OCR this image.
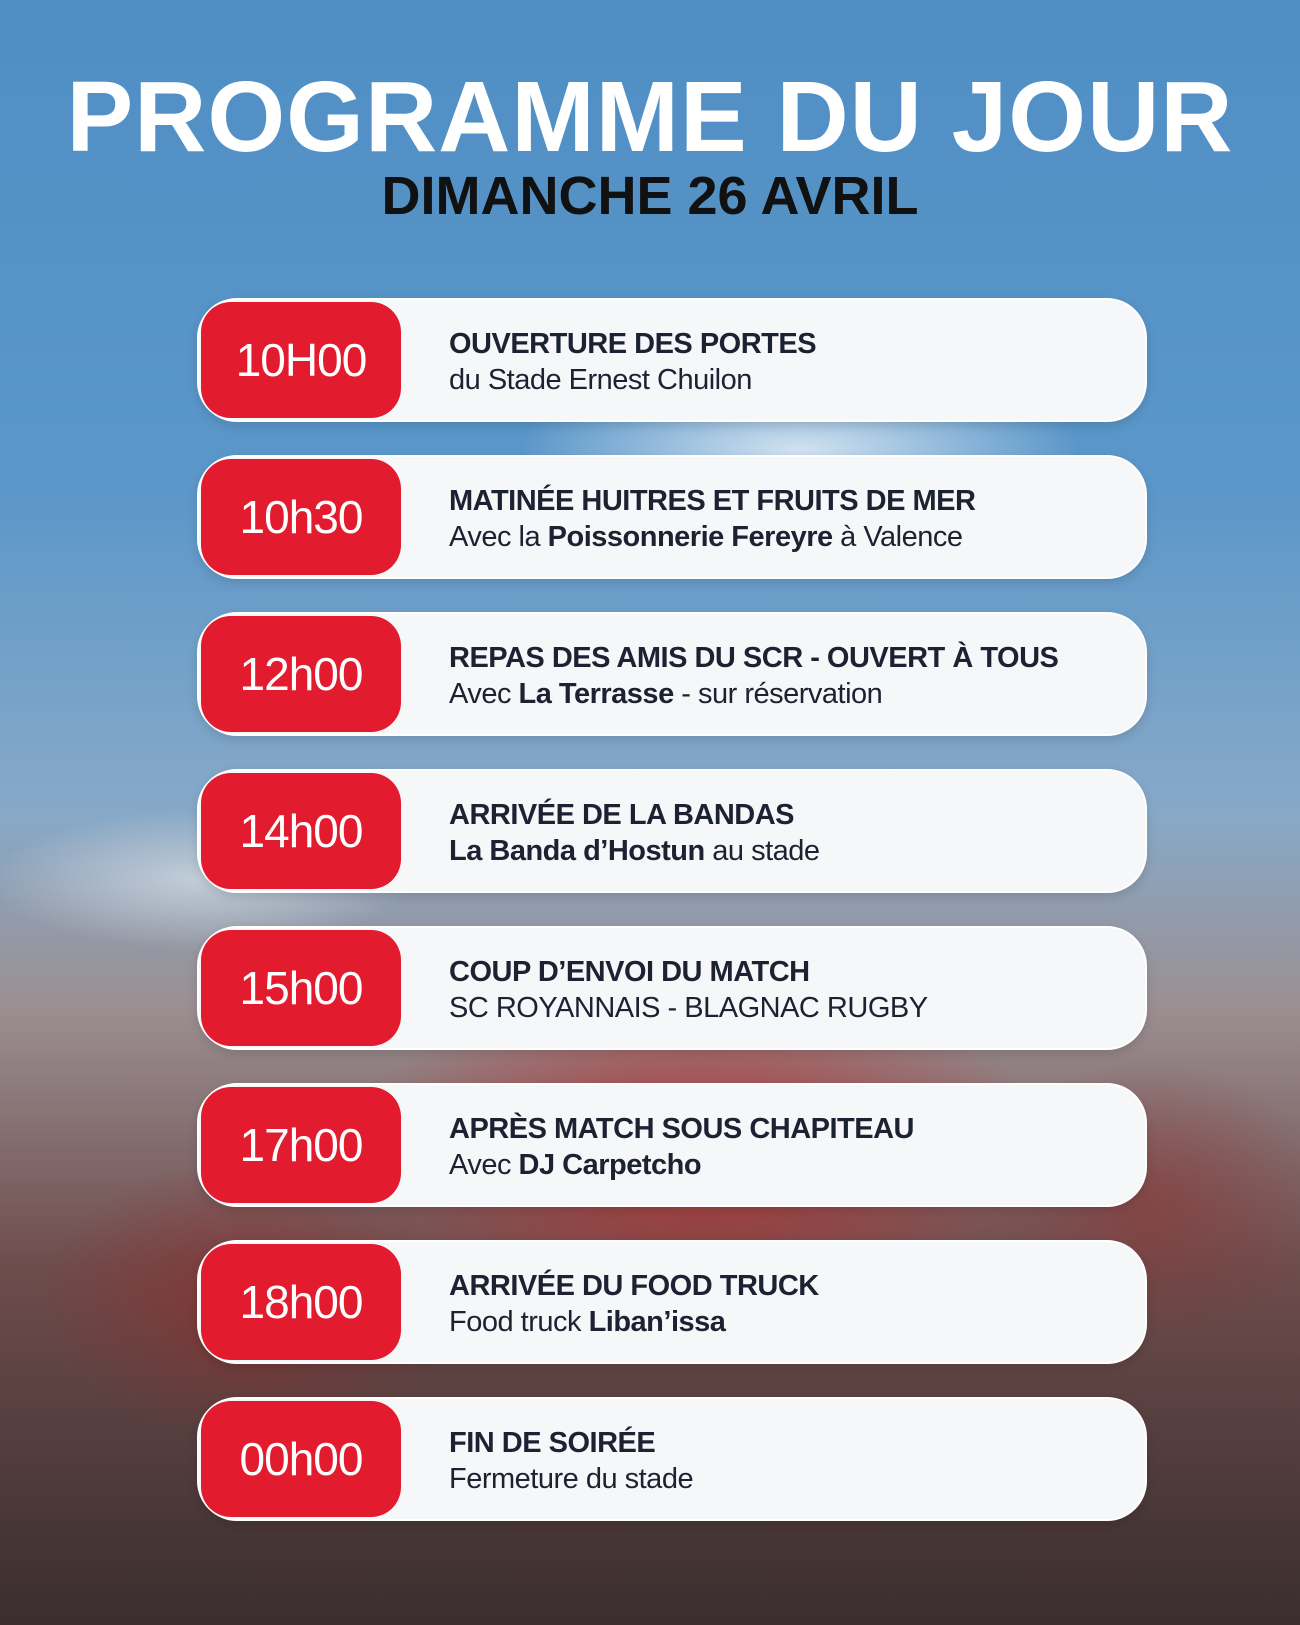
PROGRAMME DU JOUR
DIMANCHE 26 AVRIL
10H00	OUVERTURE DES PORTES
du Stade Ernest Chuilon
10h30	MATINÉE HUITRES ET FRUITS DE MER
Avec la Poissonnerie Fereyre à Valence
12h00	REPAS DES AMIS DU SCR - OUVERT À TOUS
Avec La Terrasse - sur réservation
14h00	ARRIVÉE DE LA BANDAS
La Banda d’Hostun au stade
15h00	COUP D’ENVOI DU MATCH
SC ROYANNAIS - BLAGNAC RUGBY
17h00	APRÈS MATCH SOUS CHAPITEAU
Avec DJ Carpetcho
18h00	ARRIVÉE DU FOOD TRUCK
Food truck Liban’issa
00h00	FIN DE SOIRÉE
Fermeture du stade
